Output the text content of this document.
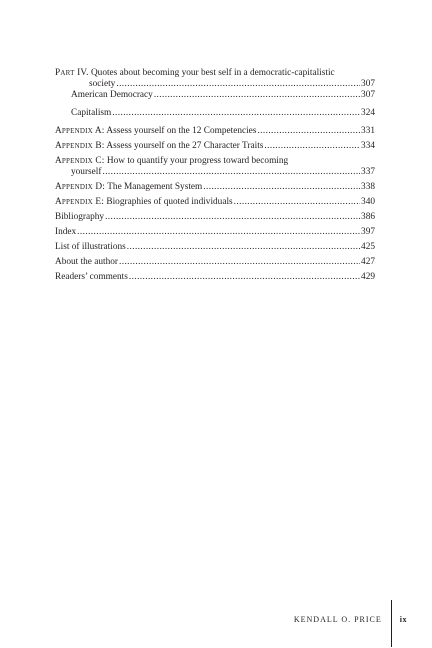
Part IV. Quotes about becoming your best self in a democratic-capitalistic
society .....	307
American Democracy .....	307
Capitalism .....	324
Appendix A: Assess yourself on the 12 Competencies .....	331
Appendix B: Assess yourself on the 27 Character Traits .....	334
Appendix C: How to quantify your progress toward becoming
yourself .....	337
Appendix D: The Management System .....	338
Appendix E: Biographies of quoted individuals .....	340
Bibliography .....	386
Index .....	397
List of illustrations .....	425
About the author .....	427
Readers’ comments .....	429
KENDALL O. PRICE ix
